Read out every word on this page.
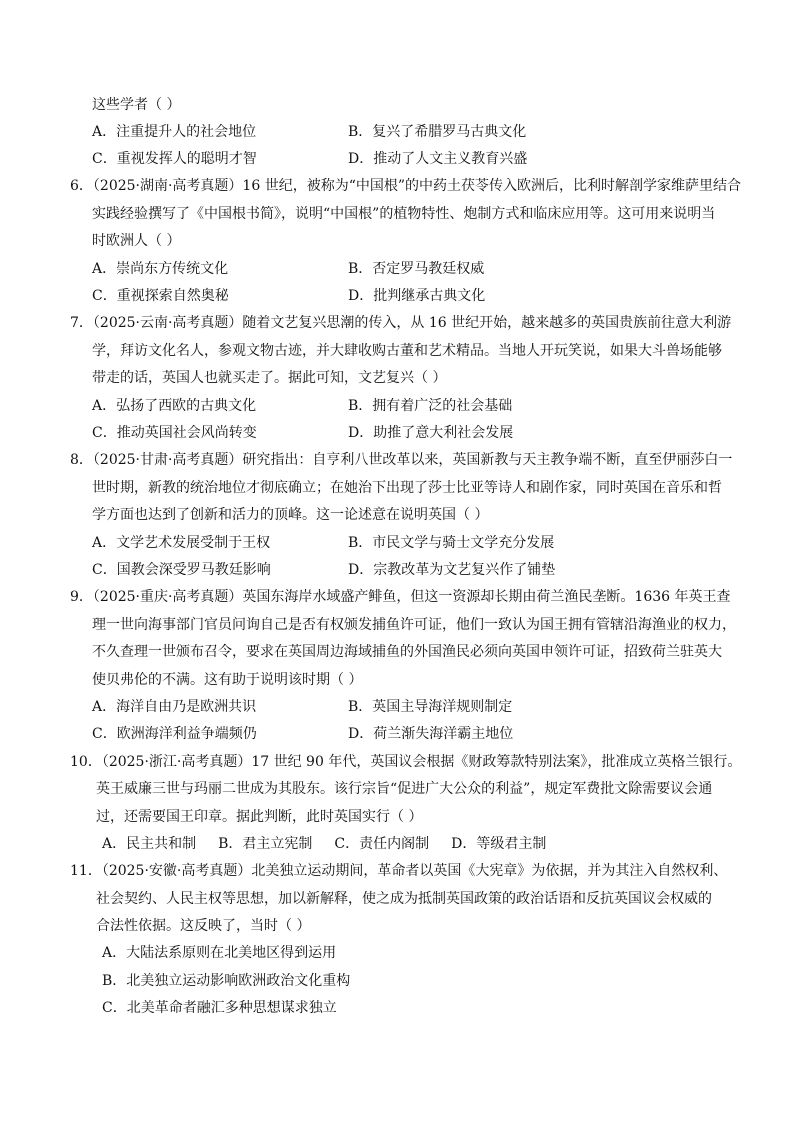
这些学者（ ）
A．注重提升人的社会地位	B．复兴了希腊罗马古典文化
C．重视发挥人的聪明才智	D．推动了人文主义教育兴盛
6．（2025·湖南·高考真题）16 世纪，被称为“中国根”的中药土茯苓传入欧洲后，比利时解剖学家维萨里结合
实践经验撰写了《中国根书简》，说明“中国根”的植物特性、炮制方式和临床应用等。这可用来说明当
时欧洲人（ ）
A．崇尚东方传统文化	B．否定罗马教廷权威
C．重视探索自然奥秘	D．批判继承古典文化
7．（2025·云南·高考真题）随着文艺复兴思潮的传入，从 16 世纪开始，越来越多的英国贵族前往意大利游
学，拜访文化名人，参观文物古迹，并大肆收购古董和艺术精品。当地人开玩笑说，如果大斗兽场能够
带走的话，英国人也就买走了。据此可知，文艺复兴（ ）
A．弘扬了西欧的古典文化	B．拥有着广泛的社会基础
C．推动英国社会风尚转变	D．助推了意大利社会发展
8．（2025·甘肃·高考真题）研究指出：自亨利八世改革以来，英国新教与天主教争端不断，直至伊丽莎白一
世时期，新教的统治地位才彻底确立；在她治下出现了莎士比亚等诗人和剧作家，同时英国在音乐和哲
学方面也达到了创新和活力的顶峰。这一论述意在说明英国（ ）
A．文学艺术发展受制于王权	B．市民文学与骑士文学充分发展
C．国教会深受罗马教廷影响	D．宗教改革为文艺复兴作了铺垫
9．（2025·重庆·高考真题）英国东海岸水域盛产鲱鱼，但这一资源却长期由荷兰渔民垄断。1636 年英王查
理一世向海事部门官员问询自己是否有权颁发捕鱼许可证，他们一致认为国王拥有管辖沿海渔业的权力，
不久查理一世颁布召令，要求在英国周边海域捕鱼的外国渔民必须向英国申领许可证，招致荷兰驻英大
使贝弗伦的不满。这有助于说明该时期（ ）
A．海洋自由乃是欧洲共识	B．英国主导海洋规则制定
C．欧洲海洋利益争端频仍	D．荷兰渐失海洋霸主地位
10．（2025·浙江·高考真题）17 世纪 90 年代，英国议会根据《财政筹款特别法案》，批准成立英格兰银行。
英王威廉三世与玛丽二世成为其股东。该行宗旨“促进广大公众的利益”，规定军费批文除需要议会通
过，还需要国王印章。据此判断，此时英国实行（ ）
A．民主共和制 B．君主立宪制 C．责任内阁制 D．等级君主制
11．（2025·安徽·高考真题）北美独立运动期间，革命者以英国《大宪章》为依据，并为其注入自然权利、
社会契约、人民主权等思想，加以新解释，使之成为抵制英国政策的政治话语和反抗英国议会权威的
合法性依据。这反映了，当时（ ）
A．大陆法系原则在北美地区得到运用
B．北美独立运动影响欧洲政治文化重构
C．北美革命者融汇多种思想谋求独立
